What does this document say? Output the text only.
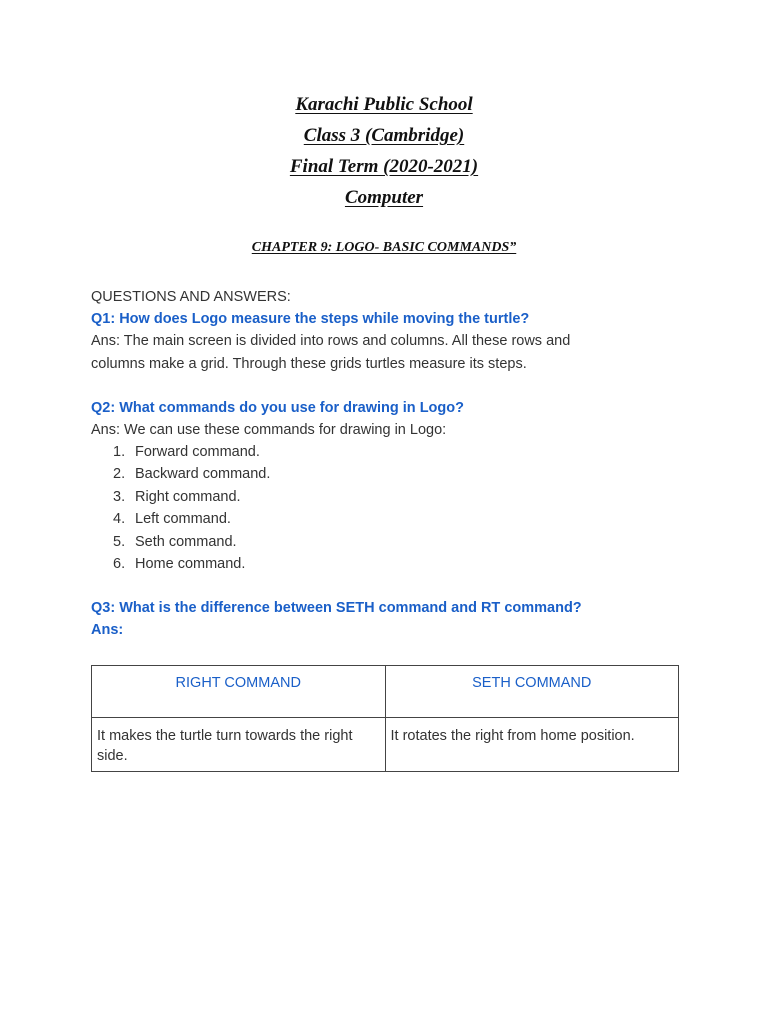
Karachi Public School
Class 3 (Cambridge)
Final Term (2020-2021)
Computer
CHAPTER 9: LOGO- BASIC COMMANDS”
QUESTIONS AND ANSWERS:
Q1: How does Logo measure the steps while moving the turtle?
Ans: The main screen is divided into rows and columns. All these rows and
columns make a grid. Through these grids turtles measure its steps.
Q2: What commands do you use for drawing in Logo?
Ans: We can use these commands for drawing in Logo:
1. Forward command.
2. Backward command.
3. Right command.
4. Left command.
5. Seth command.
6. Home command.
Q3: What is the difference between SETH command and RT command?
Ans:
RIGHT COMMAND	SETH COMMAND
It makes the turtle turn towards the right side.	It rotates the right from home position.
